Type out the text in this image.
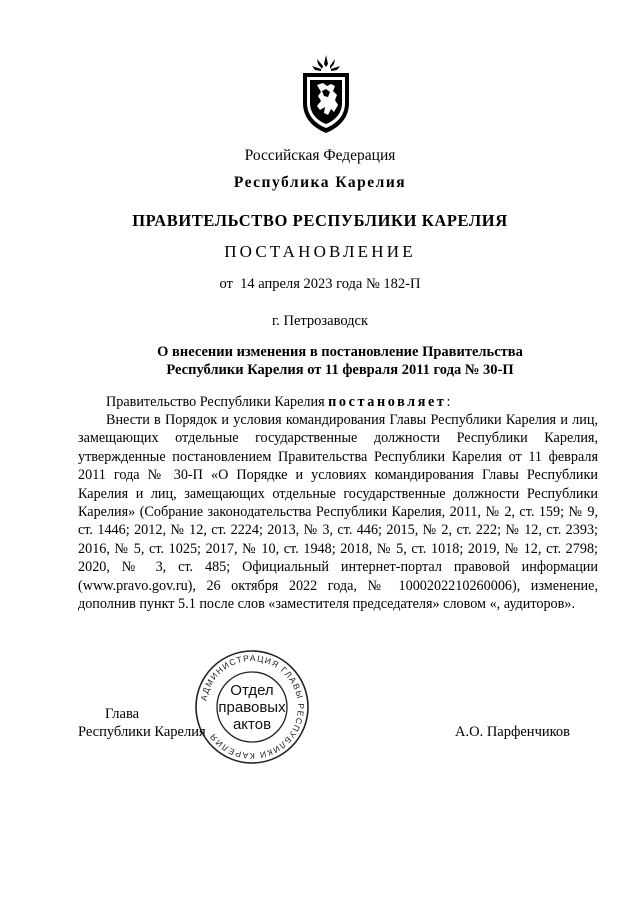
Российская Федерация
Республика Карелия
ПРАВИТЕЛЬСТВО РЕСПУБЛИКИ КАРЕЛИЯ
ПОСТАНОВЛЕНИЕ
от  14 апреля 2023 года № 182-П
г. Петрозаводск
О внесении изменения в постановление Правительства
Республики Карелия от 11 февраля 2011 года № 30-П
Правительство Республики Карелия постановляет:
Внести в Порядок и условия командирования Главы Республики Карелия и лиц, замещающих отдельные государственные должности Республики Карелия, утвержденные постановлением Правительства Республики Карелия от 11 февраля 2011 года № 30-П «О Порядке и условиях командирования Главы Республики Карелия и лиц, замещающих отдельные государственные должности Республики Карелия» (Собрание законодательства Республики Карелия, 2011, № 2, ст. 159; № 9, ст. 1446; 2012, № 12, ст. 2224; 2013, № 3, ст. 446; 2015, № 2, ст. 222; № 12, ст. 2393; 2016, № 5, ст. 1025; 2017, № 10, ст. 1948; 2018, № 5, ст. 1018; 2019, № 12, ст. 2798; 2020, № 3, ст. 485; Официальный интернет-портал правовой информации (www.pravo.gov.ru), 26 октября 2022 года, № 1000202210260006), изменение, дополнив пункт 5.1 после слов «заместителя председателя» словом «, аудиторов».
Глава
Республики Карелия	А.О. Парфенчиков
АДМИНИСТРАЦИЯ ГЛАВЫ РЕСПУБЛИКИ КАРЕЛИЯ
Отдел
правовых
актов
